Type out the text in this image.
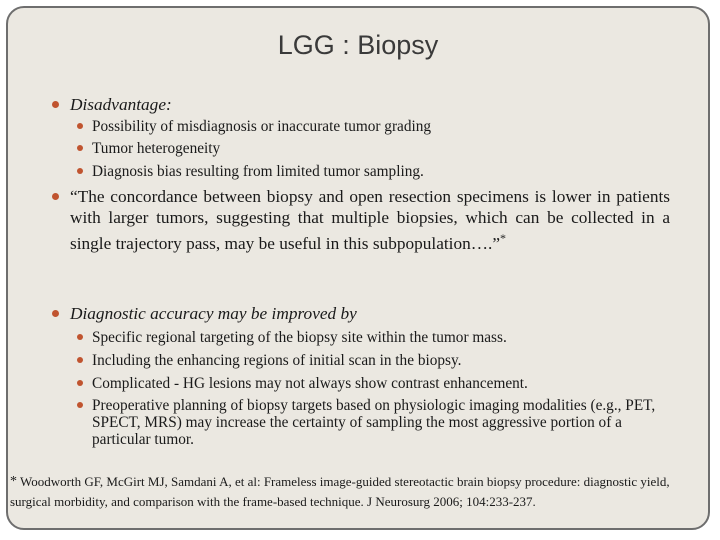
LGG : Biopsy
Disadvantage:
Possibility of misdiagnosis or inaccurate tumor grading
Tumor heterogeneity
Diagnosis bias resulting from limited tumor sampling.
“The concordance between biopsy and open resection specimens is lower in patients with larger tumors, suggesting that multiple biopsies, which can be collected in a single trajectory pass, may be useful in this subpopulation….”*
Diagnostic accuracy may be improved by
Specific regional targeting of the biopsy site within the tumor mass.
Including the enhancing regions of initial scan in the biopsy.
Complicated - HG lesions may not always show contrast enhancement.
Preoperative planning of biopsy targets based on physiologic imaging modalities (e.g., PET, SPECT, MRS) may increase the certainty of sampling the most aggressive portion of a particular tumor.
* Woodworth GF, McGirt MJ, Samdani A, et al: Frameless image-guided stereotactic brain biopsy procedure: diagnostic yield, surgical morbidity, and comparison with the frame-based technique. J Neurosurg 2006; 104:233-237.
